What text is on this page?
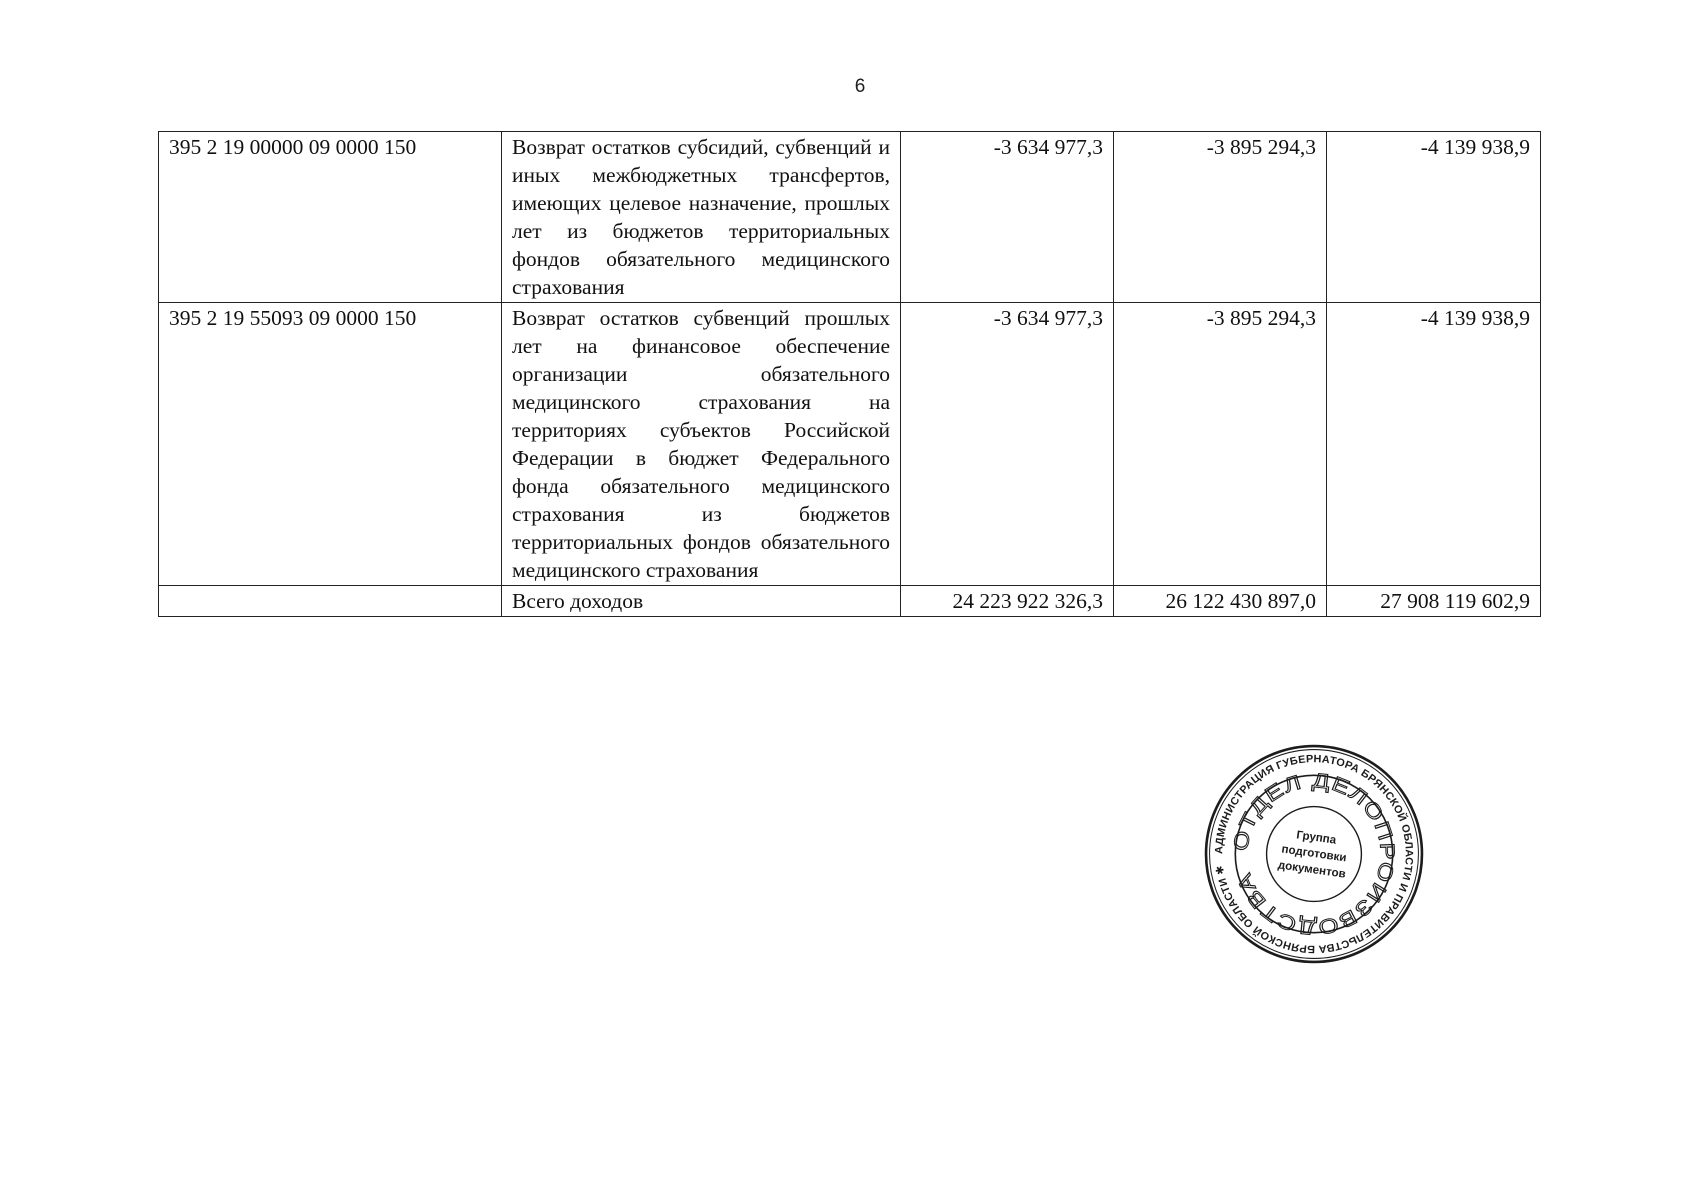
6
395 2 19 00000 09 0000 150	Возврат остатков субсидий, субвенций и иных межбюджетных трансфертов, имеющих целевое назначение, прошлых лет из бюджетов территориальных фондов обязательного медицинского страхования	-3 634 977,3	-3 895 294,3	-4 139 938,9
395 2 19 55093 09 0000 150	Возврат остатков субвенций прошлых лет на финансовое обеспечение организации обязательного медицинского страхования на территориях субъектов Российской Федерации в бюджет Федерального фонда обязательного медицинского страхования из бюджетов территориальных фондов обязательного медицинского страхования	-3 634 977,3	-3 895 294,3	-4 139 938,9
	Всего доходов	24 223 922 326,3	26 122 430 897,0	27 908 119 602,9
АДМИНИСТРАЦИЯ ГУБЕРНАТОРА БРЯНСКОЙ ОБЛАСТИ И ПРАВИТЕЛЬСТВА БРЯНСКОЙ ОБЛАСТИ ✱
ОТДЕЛ ДЕЛОПРОИЗВОДСТВА
Группа
подготовки
документов
